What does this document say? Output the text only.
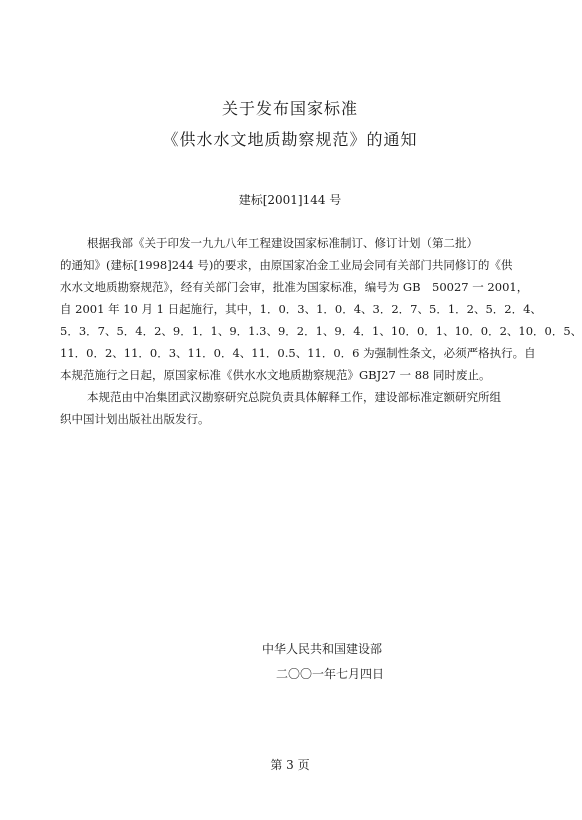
关于发布国家标准
《供水水文地质勘察规范》的通知
建标[2001]144 号
根据我部《关于印发一九九八年工程建设国家标准制订、修订计划（第二批）
的通知》(建标[1998]244 号)的要求，由原国家冶金工业局会同有关部门共同修订的《供
水水文地质勘察规范》，经有关部门会审，批准为国家标准，编号为 GB　50027 一 2001，
自 2001 年 10 月 1 日起施行，其中，1．0．3、1．0．4、3．2．7、5．1．2、5．2．4、
5．3．7、5．4．2、9．1．1、9．1.3、9．2．1、9．4．1、10．0．1、10．0．2、10．0．5、
11．0．2、11．0．3、11．0．4、11．0.5、11．0．6 为强制性条文，必须严格执行。自
本规范施行之日起，原国家标准《供水水文地质勘察规范》GBJ27 一 88 同时废止。
本规范由中冶集团武汉勘察研究总院负责具体解释工作，建设部标准定额研究所组
织中国计划出版社出版发行。
中华人民共和国建设部
二〇〇一年七月四日
第 3 页
